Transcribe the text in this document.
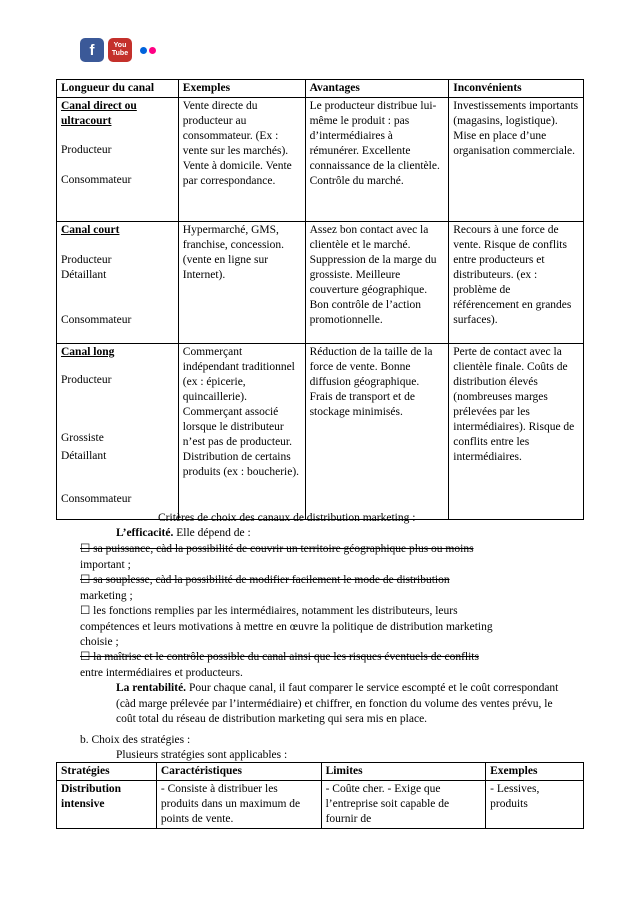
f	You
Tube
Longueur du canal	Exemples	Avantages	Inconvénients

Canal direct ou ultracourt
Producteur
Consommateur	Vente directe du producteur au consommateur. (Ex : vente sur les marchés). Vente à domicile. Vente par correspondance.	Le producteur distribue lui-même le produit : pas d’intermédiaires à rémunérer. Excellente connaissance de la clientèle. Contrôle du marché.	Investissements importants (magasins, logistique). Mise en place d’une organisation commerciale.

Canal court
Producteur
Détaillant
Consommateur	Hypermarché, GMS, franchise, concession. (vente en ligne sur Internet).	Assez bon contact avec la clientèle et le marché. Suppression de la marge du grossiste. Meilleure couverture géographique. Bon contrôle de l’action promotionnelle.	Recours à une force de vente. Risque de conflits entre producteurs et distributeurs. (ex : problème de référencement en grandes surfaces).

Canal long
Producteur
Grossiste
Détaillant
Consommateur	Commerçant indépendant traditionnel (ex : épicerie, quincaillerie). Commerçant associé lorsque le distributeur n’est pas de producteur. Distribution de certains produits (ex : boucherie).	Réduction de la taille de la force de vente. Bonne diffusion géographique. Frais de transport et de stockage minimisés.	Perte de contact avec la clientèle finale. Coûts de distribution élevés (nombreuses marges prélevées par les intermédiaires). Risque de conflits entre les intermédiaires.
Critères de choix des canaux de distribution marketing :
L’efficacité. Elle dépend de :
☐ sa puissance, càd la possibilité de couvrir un territoire géographique plus ou moins
important ;
☐ sa souplesse, càd la possibilité de modifier facilement le mode de distribution
marketing ;
☐ les fonctions remplies par les intermédiaires, notamment les distributeurs, leurs
compétences et leurs motivations à mettre en œuvre la politique de distribution marketing
choisie ;
☐ la maîtrise et le contrôle possible du canal ainsi que les risques éventuels de conflits
entre intermédiaires et producteurs.
La rentabilité. Pour chaque canal, il faut comparer le service escompté et le coût correspondant (càd marge prélevée par l’intermédiaire) et chiffrer, en fonction du volume des ventes prévu, le coût total du réseau de distribution marketing qui sera mis en place.
b. Choix des stratégies :
Plusieurs stratégies sont applicables :
Stratégies	Caractéristiques	Limites	Exemples
Distribution intensive	- Consiste à distribuer les produits dans un maximum de points de vente.	- Coûte cher. - Exige que l’entreprise soit capable de fournir de	- Lessives, produits
